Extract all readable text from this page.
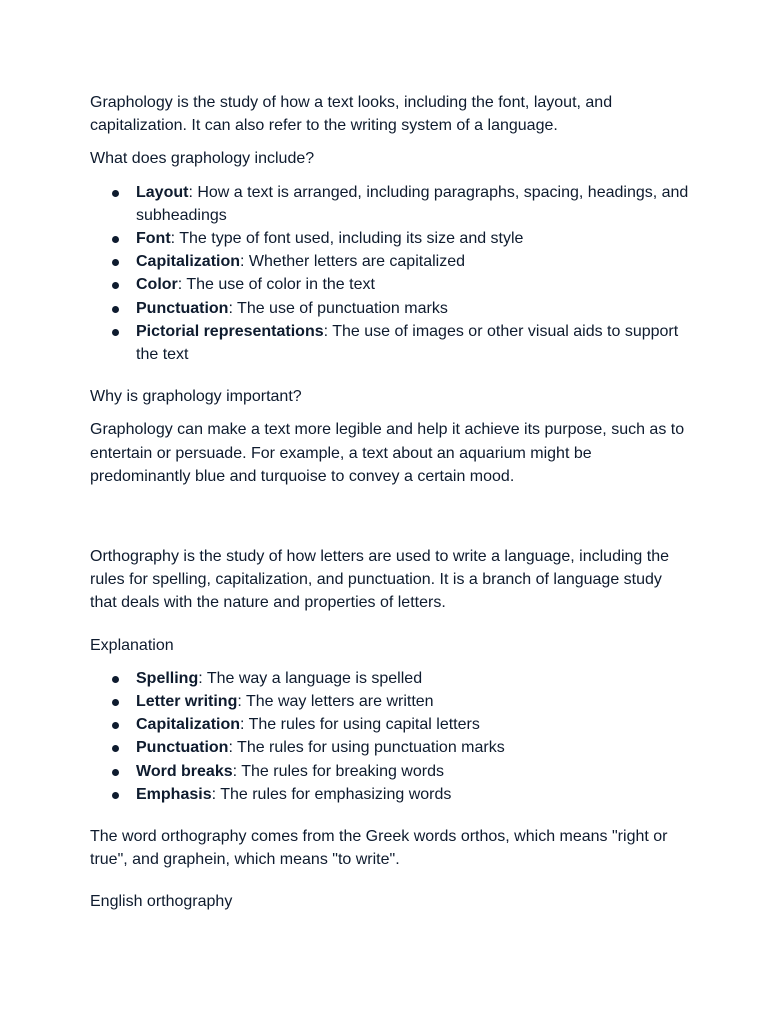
Graphology is the study of how a text looks, including the font, layout, and capitalization. It can also refer to the writing system of a language.

What does graphology include?

Layout: How a text is arranged, including paragraphs, spacing, headings, and subheadings
Font: The type of font used, including its size and style
Capitalization: Whether letters are capitalized
Color: The use of color in the text
Punctuation: The use of punctuation marks
Pictorial representations: The use of images or other visual aids to support the text

Why is graphology important?

Graphology can make a text more legible and help it achieve its purpose, such as to entertain or persuade. For example, a text about an aquarium might be predominantly blue and turquoise to convey a certain mood.

Orthography is the study of how letters are used to write a language, including the rules for spelling, capitalization, and punctuation. It is a branch of language study that deals with the nature and properties of letters.

Explanation

Spelling: The way a language is spelled
Letter writing: The way letters are written
Capitalization: The rules for using capital letters
Punctuation: The rules for using punctuation marks
Word breaks: The rules for breaking words
Emphasis: The rules for emphasizing words

The word orthography comes from the Greek words orthos, which means "right or true", and graphein, which means "to write".

English orthography
